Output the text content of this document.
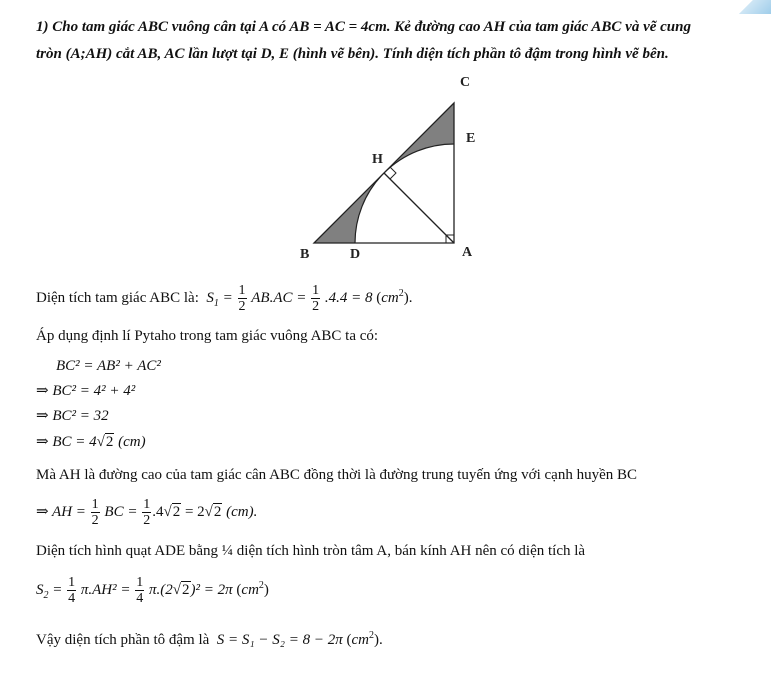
1) Cho tam giác ABC vuông cân tại A có AB = AC = 4cm. Kẻ đường cao AH của tam giác ABC và vẽ cung
tròn (A;AH) cắt AB, AC lần lượt tại D, E (hình vẽ bên). Tính diện tích phần tô đậm trong hình vẽ bên.
C
E
H
B	D	A
Diện tích tam giác ABC là: $S_1 = \frac{1}{2} AB.AC = \frac{1}{2} .4.4 = 8$ $(cm^2)$.
Áp dụng định lí Pytaho trong tam giác vuông ABC ta có:
BC² = AB² + AC²
⇒ BC² = 4² + 4²
⇒ BC² = 32
⇒ BC = 4√2 (cm)
Mà AH là đường cao của tam giác cân ABC đồng thời là đường trung tuyến ứng với cạnh huyền BC
⇒ AH = $\frac{1}{2}$ BC = $\frac{1}{2} .4√2 = 2√2$ (cm).
Diện tích hình quạt ADE bằng ¼ diện tích hình tròn tâm A, bán kính AH nên có diện tích là
$S_2 = \frac{1}{4} \pi.AH^2 = \frac{1}{4} \pi.(2√2)^2 = 2\pi$ $(cm^2)$
Vậy diện tích phần tô đậm là S = S₁ − S₂ = 8 − 2π $(cm^2)$.
